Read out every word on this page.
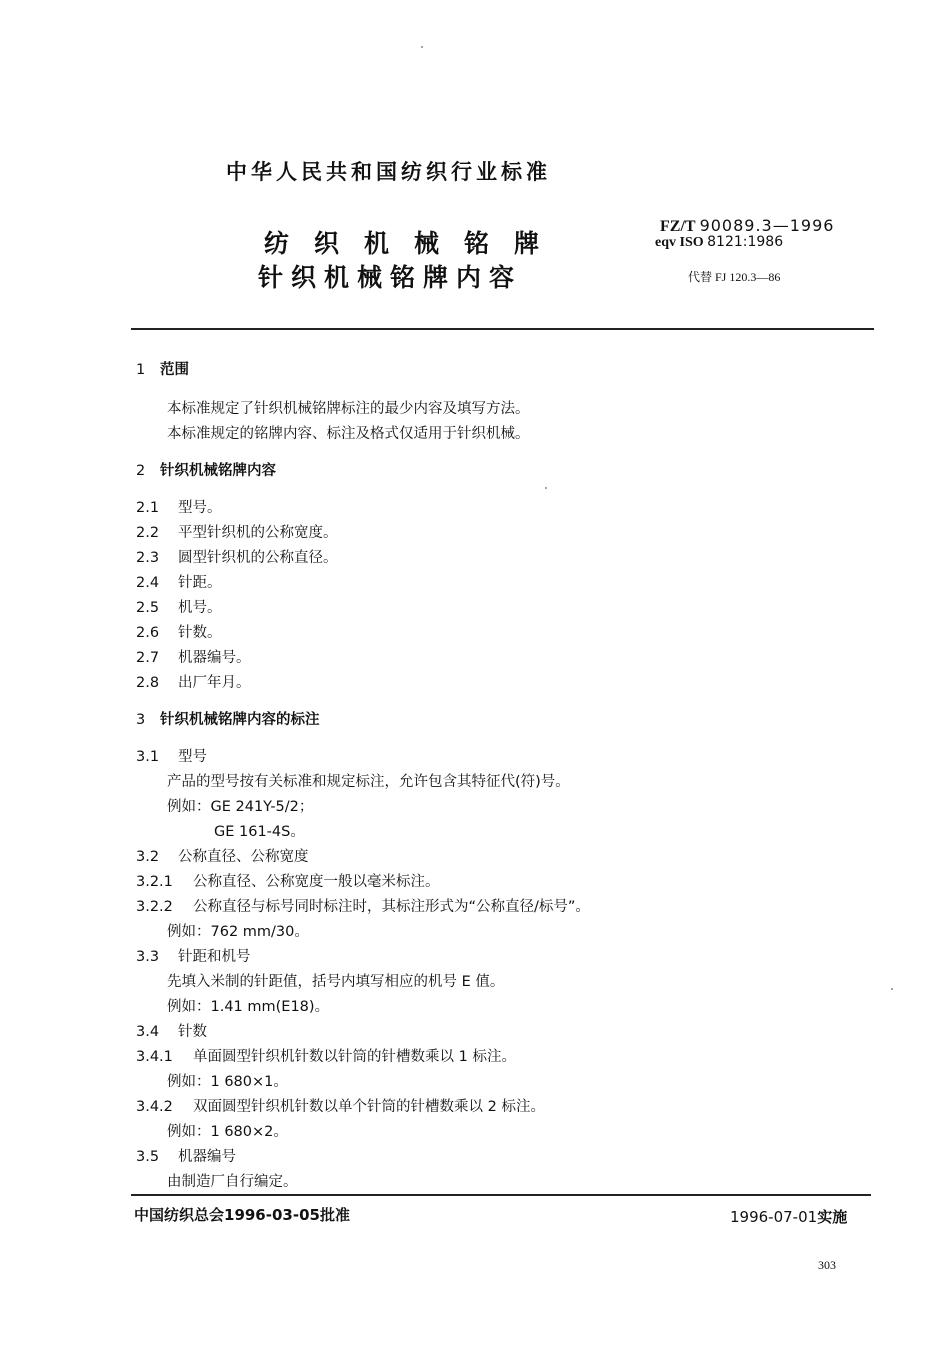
中华人民共和国纺织行业标准
纺织机械铭牌
针织机械铭牌内容
FZ/T 90089.3—1996
eqv ISO 8121:1986
代替 FJ 120.3—86
1 范围
本标准规定了针织机械铭牌标注的最少内容及填写方法。
本标准规定的铭牌内容、标注及格式仅适用于针织机械。
2 针织机械铭牌内容
2.1 型号。
2.2 平型针织机的公称宽度。
2.3 圆型针织机的公称直径。
2.4 针距。
2.5 机号。
2.6 针数。
2.7 机器编号。
2.8 出厂年月。
3 针织机械铭牌内容的标注
3.1 型号
产品的型号按有关标准和规定标注，允许包含其特征代(符)号。
例如：GE 241Y-5/2；
GE 161-4S。
3.2 公称直径、公称宽度
3.2.1 公称直径、公称宽度一般以毫米标注。
3.2.2 公称直径与标号同时标注时，其标注形式为“公称直径/标号”。
例如：762 mm/30。
3.3 针距和机号
先填入米制的针距值，括号内填写相应的机号 E 值。
例如：1.41 mm(E18)。
3.4 针数
3.4.1 单面圆型针织机针数以针筒的针槽数乘以 1 标注。
例如：1 680×1。
3.4.2 双面圆型针织机针数以单个针筒的针槽数乘以 2 标注。
例如：1 680×2。
3.5 机器编号
由制造厂自行编定。
中国纺织总会1996-03-05批准	1996-07-01实施
303
